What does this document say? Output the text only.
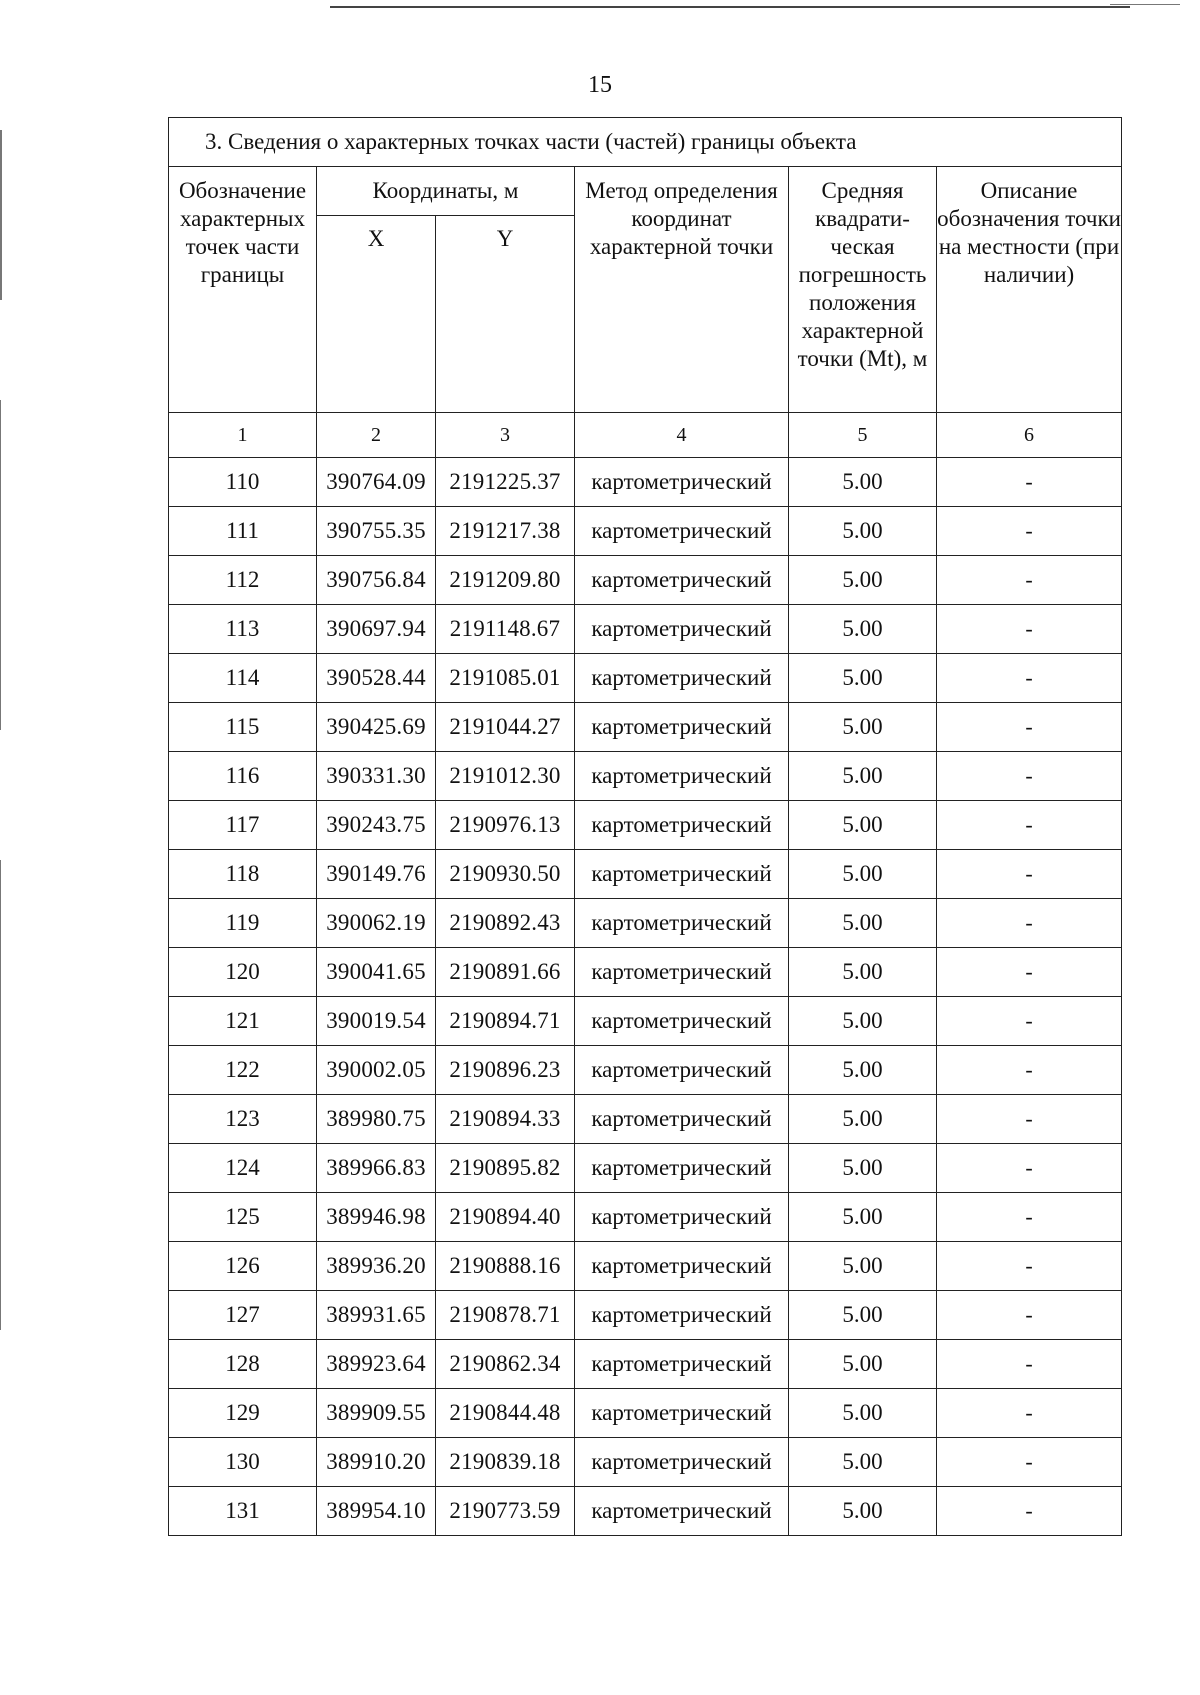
15
3. Сведения о характерных точках части (частей) границы объекта					
Обозначение характерных точек части границы	Координаты, м		Метод определения координат характерной точки	Средняя квадрати-ческая погрешность положения характерной точки (Mt), м	Описание обозначения точки на местности (при наличии)
	X	Y			
1	2	3	4	5	6
110	390764.09	2191225.37	картометрический	5.00	-
111	390755.35	2191217.38	картометрический	5.00	-
112	390756.84	2191209.80	картометрический	5.00	-
113	390697.94	2191148.67	картометрический	5.00	-
114	390528.44	2191085.01	картометрический	5.00	-
115	390425.69	2191044.27	картометрический	5.00	-
116	390331.30	2191012.30	картометрический	5.00	-
117	390243.75	2190976.13	картометрический	5.00	-
118	390149.76	2190930.50	картометрический	5.00	-
119	390062.19	2190892.43	картометрический	5.00	-
120	390041.65	2190891.66	картометрический	5.00	-
121	390019.54	2190894.71	картометрический	5.00	-
122	390002.05	2190896.23	картометрический	5.00	-
123	389980.75	2190894.33	картометрический	5.00	-
124	389966.83	2190895.82	картометрический	5.00	-
125	389946.98	2190894.40	картометрический	5.00	-
126	389936.20	2190888.16	картометрический	5.00	-
127	389931.65	2190878.71	картометрический	5.00	-
128	389923.64	2190862.34	картометрический	5.00	-
129	389909.55	2190844.48	картометрический	5.00	-
130	389910.20	2190839.18	картометрический	5.00	-
131	389954.10	2190773.59	картометрический	5.00	-
